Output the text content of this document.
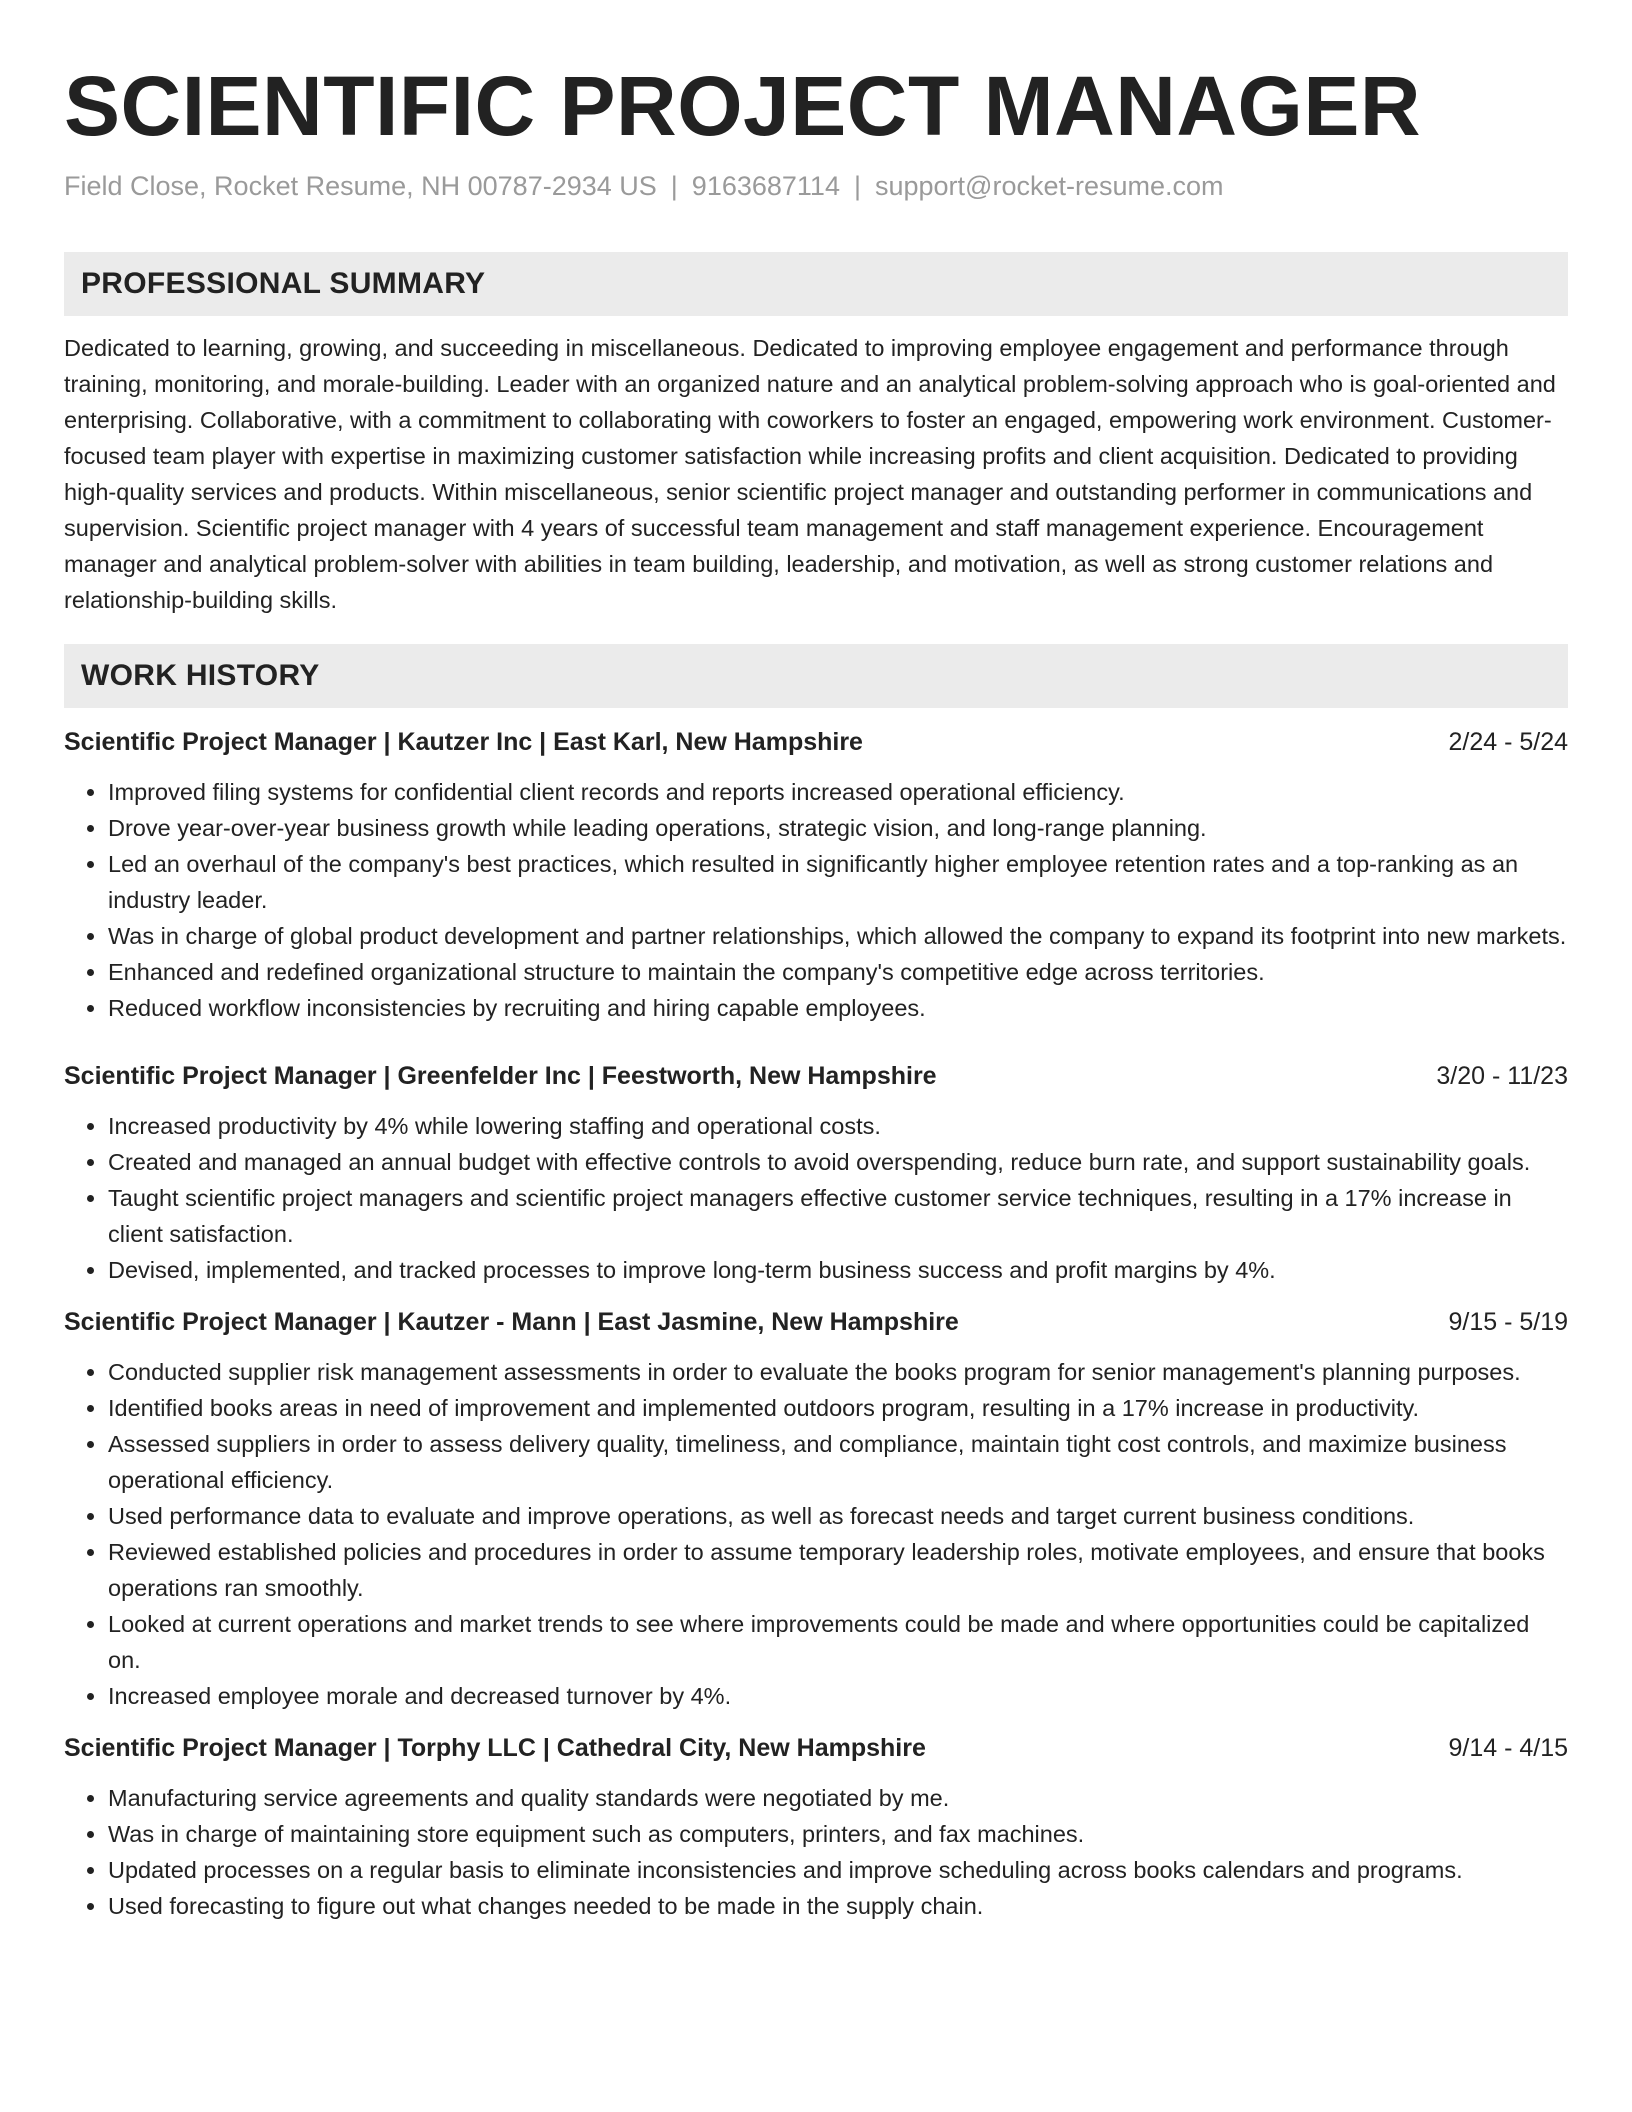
SCIENTIFIC PROJECT MANAGER
Field Close, Rocket Resume, NH 00787-2934 US | 9163687114 | support@rocket-resume.com
PROFESSIONAL SUMMARY
Dedicated to learning, growing, and succeeding in miscellaneous. Dedicated to improving employee engagement and performance through training, monitoring, and morale-building. Leader with an organized nature and an analytical problem-solving approach who is goal-oriented and enterprising. Collaborative, with a commitment to collaborating with coworkers to foster an engaged, empowering work environment. Customer-focused team player with expertise in maximizing customer satisfaction while increasing profits and client acquisition. Dedicated to providing high-quality services and products. Within miscellaneous, senior scientific project manager and outstanding performer in communications and supervision. Scientific project manager with 4 years of successful team management and staff management experience. Encouragement manager and analytical problem-solver with abilities in team building, leadership, and motivation, as well as strong customer relations and relationship-building skills.
WORK HISTORY
Scientific Project Manager | Kautzer Inc | East Karl, New Hampshire	2/24 - 5/24
• Improved filing systems for confidential client records and reports increased operational efficiency.
• Drove year-over-year business growth while leading operations, strategic vision, and long-range planning.
• Led an overhaul of the company's best practices, which resulted in significantly higher employee retention rates and a top-ranking as an industry leader.
• Was in charge of global product development and partner relationships, which allowed the company to expand its footprint into new markets.
• Enhanced and redefined organizational structure to maintain the company's competitive edge across territories.
• Reduced workflow inconsistencies by recruiting and hiring capable employees.
Scientific Project Manager | Greenfelder Inc | Feestworth, New Hampshire	3/20 - 11/23
• Increased productivity by 4% while lowering staffing and operational costs.
• Created and managed an annual budget with effective controls to avoid overspending, reduce burn rate, and support sustainability goals.
• Taught scientific project managers and scientific project managers effective customer service techniques, resulting in a 17% increase in client satisfaction.
• Devised, implemented, and tracked processes to improve long-term business success and profit margins by 4%.
Scientific Project Manager | Kautzer - Mann | East Jasmine, New Hampshire	9/15 - 5/19
• Conducted supplier risk management assessments in order to evaluate the books program for senior management's planning purposes.
• Identified books areas in need of improvement and implemented outdoors program, resulting in a 17% increase in productivity.
• Assessed suppliers in order to assess delivery quality, timeliness, and compliance, maintain tight cost controls, and maximize business operational efficiency.
• Used performance data to evaluate and improve operations, as well as forecast needs and target current business conditions.
• Reviewed established policies and procedures in order to assume temporary leadership roles, motivate employees, and ensure that books operations ran smoothly.
• Looked at current operations and market trends to see where improvements could be made and where opportunities could be capitalized on.
• Increased employee morale and decreased turnover by 4%.
Scientific Project Manager | Torphy LLC | Cathedral City, New Hampshire	9/14 - 4/15
• Manufacturing service agreements and quality standards were negotiated by me.
• Was in charge of maintaining store equipment such as computers, printers, and fax machines.
• Updated processes on a regular basis to eliminate inconsistencies and improve scheduling across books calendars and programs.
• Used forecasting to figure out what changes needed to be made in the supply chain.
